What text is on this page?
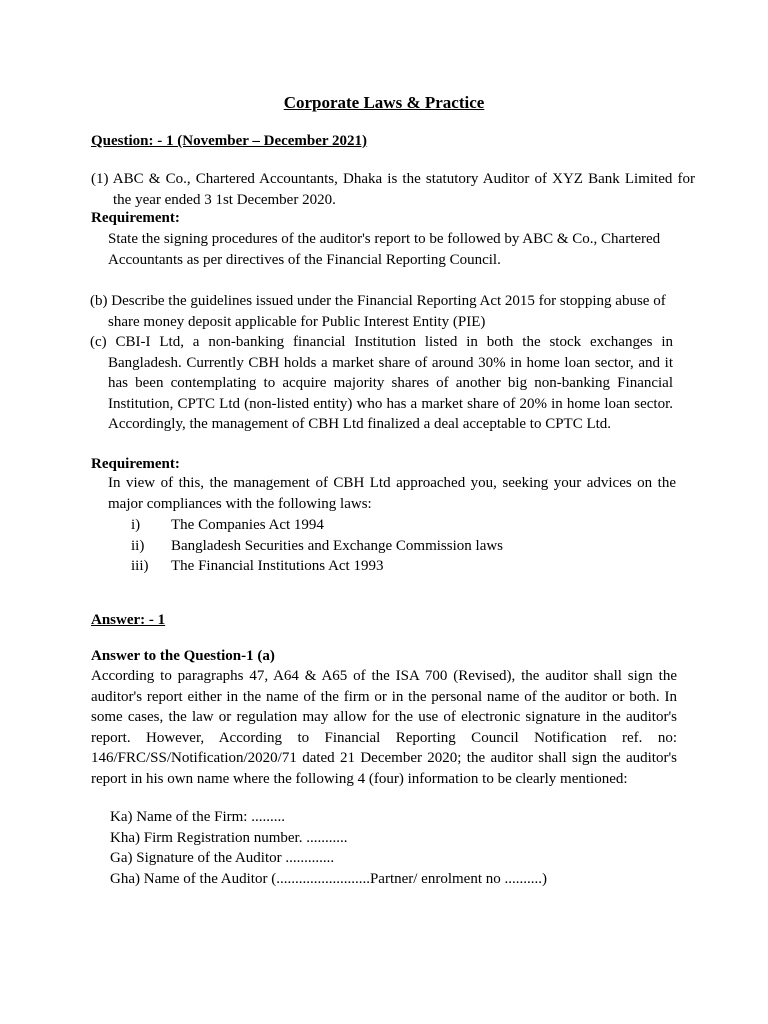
Corporate Laws & Practice
Question: - 1 (November – December 2021)

(1) ABC & Co., Chartered Accountants, Dhaka is the statutory Auditor of XYZ Bank Limited for the year ended 3 1st December 2020.

Requirement:

State the signing procedures of the auditor's report to be followed by ABC & Co., Chartered Accountants as per directives of the Financial Reporting Council.

(b) Describe the guidelines issued under the Financial Reporting Act 2015 for stopping abuse of share money deposit applicable for Public Interest Entity (PIE)

(c) CBI-I Ltd, a non-banking financial Institution listed in both the stock exchanges in Bangladesh. Currently CBH holds a market share of around 30% in home loan sector, and it has been contemplating to acquire majority shares of another big non-banking Financial Institution, CPTC Ltd (non-listed entity) who has a market share of 20% in home loan sector. Accordingly, the management of CBH Ltd finalized a deal acceptable to CPTC Ltd.

Requirement:

In view of this, the management of CBH Ltd approached you, seeking your advices on the major compliances with the following laws:

i)	The Companies Act 1994
ii)	Bangladesh Securities and Exchange Commission laws
iii)	The Financial Institutions Act 1993
Answer: - 1
Answer to the Question-1 (a)

According to paragraphs 47, A64 & A65 of the ISA 700 (Revised), the auditor shall sign the auditor's report either in the name of the firm or in the personal name of the auditor or both. In some cases, the law or regulation may allow for the use of electronic signature in the auditor's report. However, According to Financial Reporting Council Notification ref. no: 146/FRC/SS/Notification/2020/71 dated 21 December 2020; the auditor shall sign the auditor's report in his own name where the following 4 (four) information to be clearly mentioned:

Ka) Name of the Firm: .........
Kha) Firm Registration number. ...........
Ga) Signature of the Auditor .............
Gha) Name of the Auditor (.........................Partner/ enrolment no ..........)
